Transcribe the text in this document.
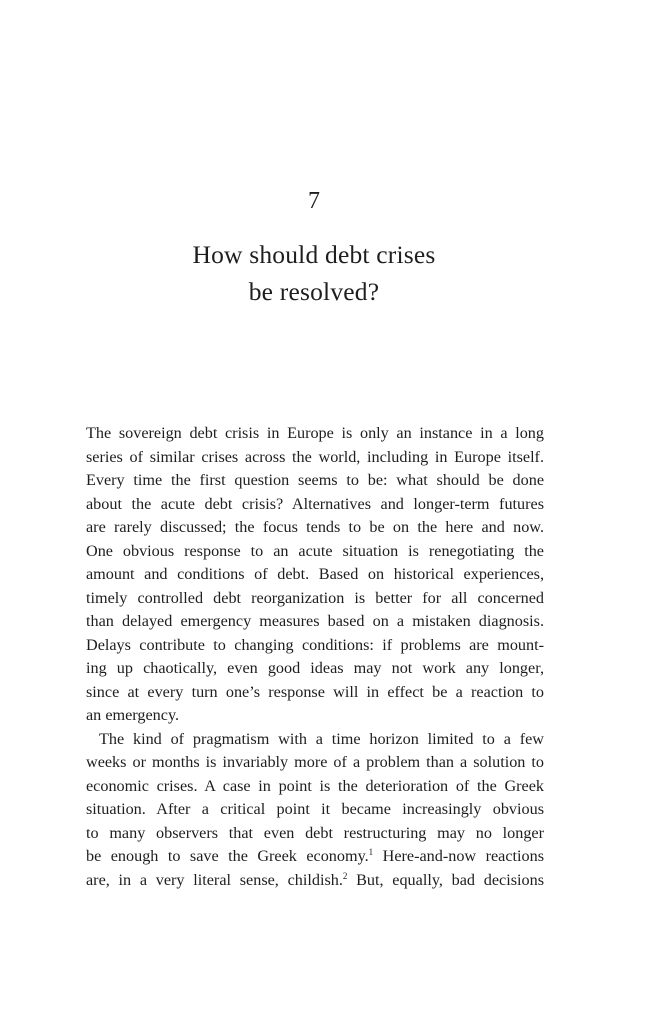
7
How should debt crises
be resolved?
The sovereign debt crisis in Europe is only an instance in a long
series of similar crises across the world, including in Europe itself.
Every time the first question seems to be: what should be done
about the acute debt crisis? Alternatives and longer-term futures
are rarely discussed; the focus tends to be on the here and now.
One obvious response to an acute situation is renegotiating the
amount and conditions of debt. Based on historical experiences,
timely controlled debt reorganization is better for all concerned
than delayed emergency measures based on a mistaken diagnosis.
Delays contribute to changing conditions: if problems are mount-
ing up chaotically, even good ideas may not work any longer,
since at every turn one’s response will in effect be a reaction to
an emergency.
The kind of pragmatism with a time horizon limited to a few
weeks or months is invariably more of a problem than a solution to
economic crises. A case in point is the deterioration of the Greek
situation. After a critical point it became increasingly obvious
to many observers that even debt restructuring may no longer
be enough to save the Greek economy.$^1$ Here-and-now reactions
are, in a very literal sense, childish.$^2$ But, equally, bad decisions
